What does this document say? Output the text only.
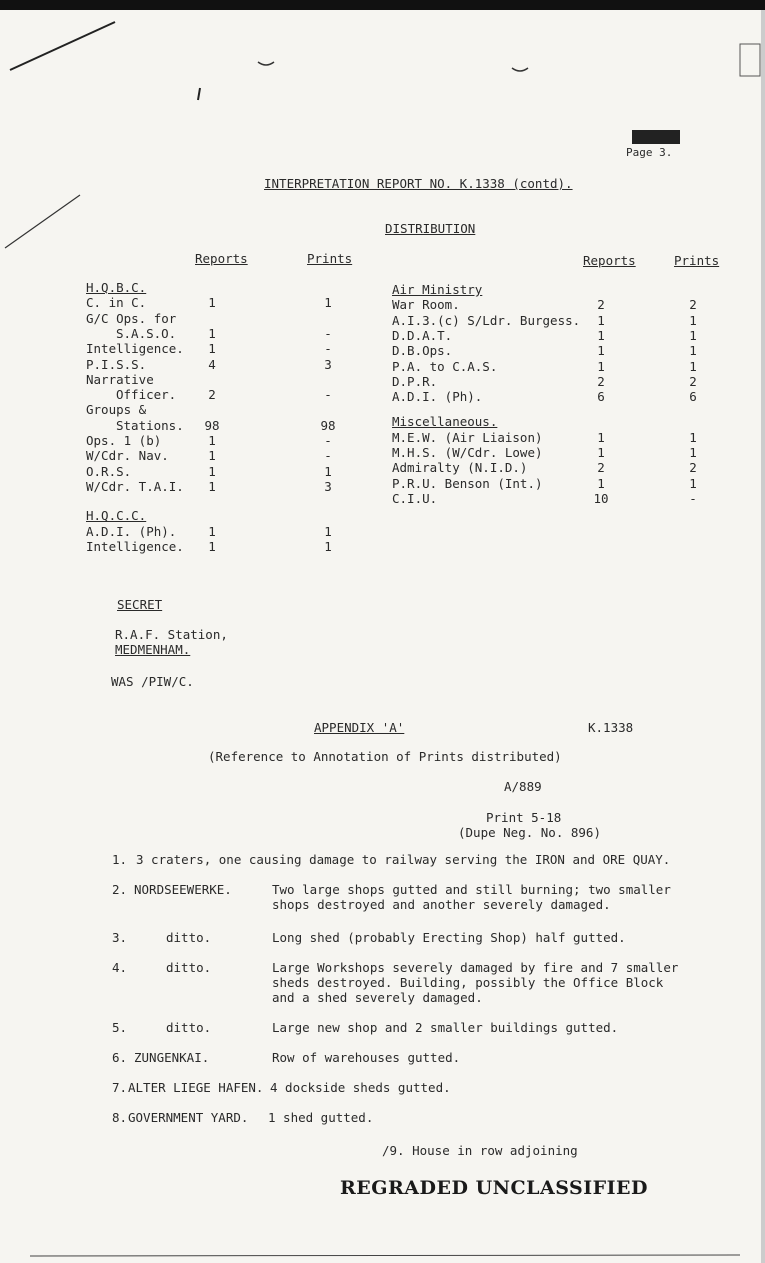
Page 3.
INTERPRETATION REPORT NO. K.1338 (contd).
DISTRIBUTION
Reports	Prints	Reports	Prints
H.Q.B.C.
C. in C.	1	1
G/C Ops. for
S.A.S.O.	1	-
Intelligence.	1	-
P.I.S.S.	4	3
Narrative
Officer.	2	-
Groups &
Stations. 98	98
Ops. 1 (b)	1	-
W/Cdr. Nav.	1	-
O.R.S.	1	1
W/Cdr. T.A.I.	1	3
H.Q.C.C.
A.D.I. (Ph).	1	1
Intelligence.	1	1
Air Ministry
War Room.	2	2
A.I.3.(c) S/Ldr. Burgess.	1	1
D.D.A.T.	1	1
D.B.Ops.	1	1
P.A. to C.A.S.	1	1
D.P.R.	2	2
A.D.I. (Ph).	6	6
Miscellaneous.
M.E.W. (Air Liaison)	1	1
M.H.S. (W/Cdr. Lowe)	1	1
Admiralty (N.I.D.)	2	2
P.R.U. Benson (Int.)	1	1
C.I.U.	10	-
SECRET
R.A.F. Station,
MEDMENHAM.
WAS /PIW/C.
APPENDIX 'A'	K.1338
(Reference to Annotation of Prints distributed)
A/889
Print 5-18
(Dupe Neg. No. 896)
1. 3 craters, one causing damage to railway serving the IRON and ORE QUAY.
2. NORDSEEWERKE.	Two large shops gutted and still burning; two smaller shops destroyed and another severely damaged.
3.	ditto.	Long shed (probably Erecting Shop) half gutted.
4.	ditto.	Large Workshops severely damaged by fire and 7 smaller sheds destroyed. Building, possibly the Office Block and a shed severely damaged.
5.	ditto.	Large new shop and 2 smaller buildings gutted.
6. ZUNGENKAI.	Row of warehouses gutted.
7. ALTER LIEGE HAFEN. 4 dockside sheds gutted.
8. GOVERNMENT YARD. 1 shed gutted.
/9. House in row adjoining
REGRADED UNCLASSIFIED
